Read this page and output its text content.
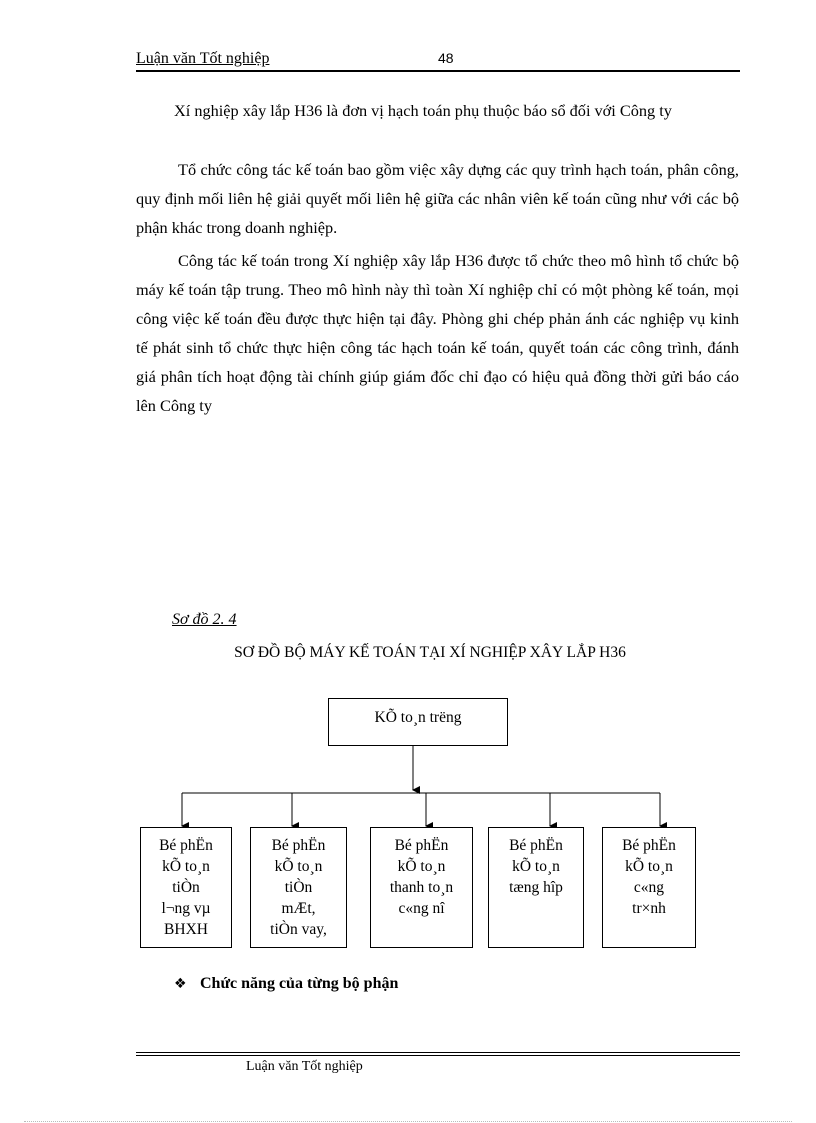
Luận văn Tốt nghiệp	48

Xí nghiệp xây lắp H36 là đơn vị hạch toán phụ thuộc báo sổ đối với Công ty

Tổ chức công tác kế toán bao gồm việc xây dựng các quy trình hạch toán, phân công, quy định mối liên hệ giải quyết mối liên hệ giữa các nhân viên kế toán cũng như với các bộ phận khác trong doanh nghiệp.

Công tác kế toán trong Xí nghiệp xây lắp H36 được tổ chức theo mô hình tổ chức bộ máy kế toán tập trung. Theo mô hình này thì toàn Xí nghiệp chỉ có một phòng kế toán, mọi công việc kế toán đều được thực hiện tại đây. Phòng ghi chép phản ánh các nghiệp vụ kinh tế phát sinh tổ chức thực hiện công tác hạch toán kế toán, quyết toán các công trình, đánh giá phân tích hoạt động tài chính giúp giám đốc chỉ đạo có hiệu quả đồng thời gửi báo cáo lên Công ty

Sơ đồ 2. 4
SƠ ĐỒ BỘ MÁY KẾ TOÁN TẠI XÍ NGHIỆP XÂY LẮP H36
KÕ to¸n trëng
Bé phËn
kÕ to¸n
tiÒn
l¬ng vµ
BHXH
Bé phËn
kÕ to¸n
tiÒn
mÆt,
tiÒn vay,
Bé phËn
kÕ to¸n
thanh to¸n
c«ng nî
Bé phËn
kÕ to¸n
tæng hîp
Bé phËn
kÕ to¸n
c«ng
tr×nh
❖ Chức năng của từng bộ phận
Luận văn Tốt nghiệp
